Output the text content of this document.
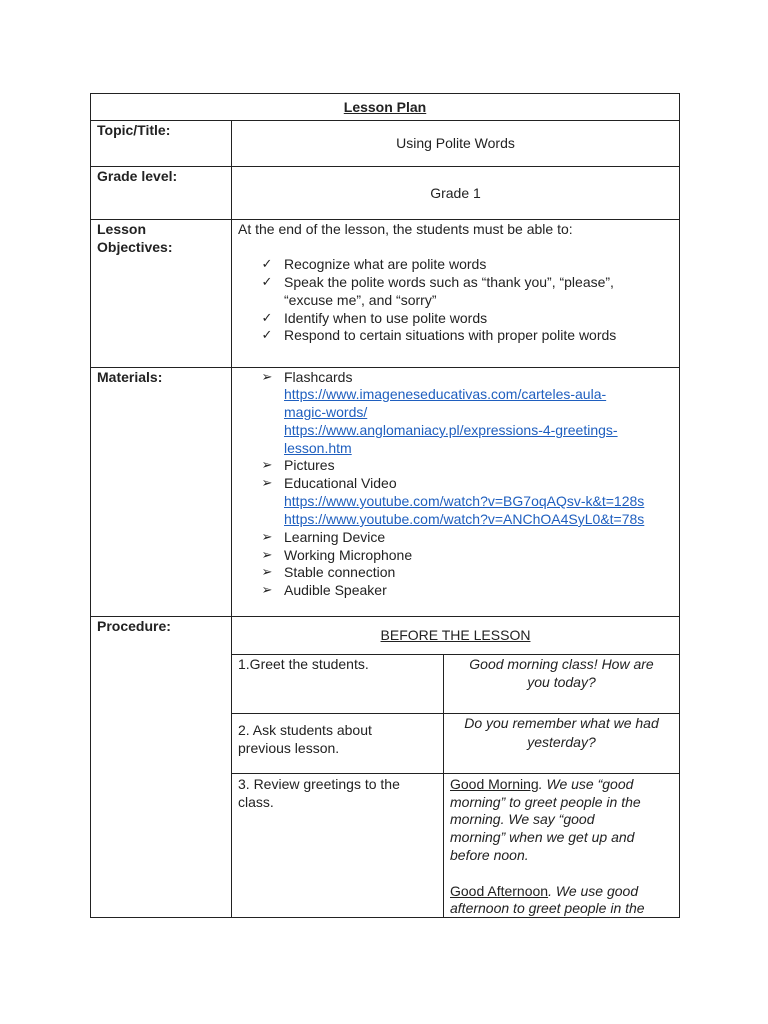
Lesson Plan
Topic/Title:
Using Polite Words
Grade level:
Grade 1
Lesson
Objectives:
At the end of the lesson, the students must be able to:
✓ Recognize what are polite words
✓ Speak the polite words such as “thank you”, “please”,
“excuse me”, and “sorry”
✓ Identify when to use polite words
✓ Respond to certain situations with proper polite words
Materials:	➢ Flashcards
https://www.imageneseducativas.com/carteles-aula-
magic-words/
https://www.anglomaniacy.pl/expressions-4-greetings-
lesson.htm
➢ Pictures
➢ Educational Video
https://www.youtube.com/watch?v=BG7oqAQsv-k&t=128s
https://www.youtube.com/watch?v=ANChOA4SyL0&t=78s
➢ Learning Device
➢ Working Microphone
➢ Stable connection
➢ Audible Speaker
Procedure:
BEFORE THE LESSON
1.Greet the students.	Good morning class! How are
you today?
2. Ask students about
previous lesson.
Do you remember what we had
yesterday?
3. Review greetings to the
class.
Good Morning. We use “good
morning” to greet people in the
morning. We say “good
morning” when we get up and
before noon.
Good Afternoon. We use good
afternoon to greet people in the
